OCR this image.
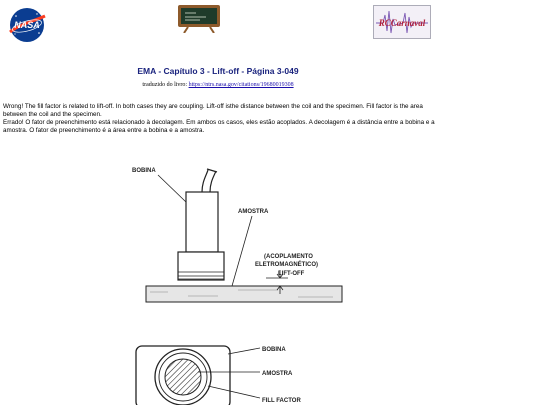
NASA	RCCarnaval
EMA - Capítulo 3 - Lift-off - Página 3-049
traduzido do livro: https://ntrs.nasa.gov/citations/19680019308
Wrong! The fill factor is related to lift-off. In both cases they are coupling. Lift-off isthe distance between the coil and the specimen. Fill factor is the area between the coil and the specimen.
Errado! O fator de preenchimento está relacionado à decolagem. Em ambos os casos, eles estão acoplados. A decolagem é a distância entre a bobina e a amostra. O fator de preenchimento é a área entre a bobina e a amostra.
BOBINA
AMOSTRA
(ACOPLAMENTO
ELETROMAGNÉTICO)
LIFT-OFF
BOBINA
AMOSTRA
FILL FACTOR
